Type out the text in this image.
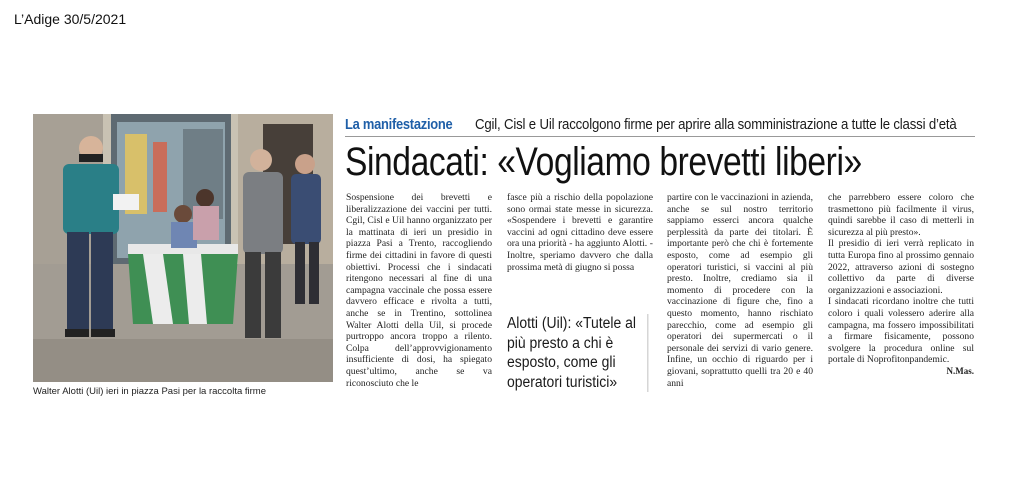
L’Adige 30/5/2021
Walter Alotti (Uil) ieri in piazza Pasi per la raccolta firme
La manifestazione Cgil, Cisl e Uil raccolgono firme per aprire alla somministrazione a tutte le classi d’età
Sindacati: «Vogliamo brevetti liberi»

Sospensione dei brevetti e liberalizzazione dei vaccini per tutti. Cgil, Cisl e Uil hanno organizzato per la mattinata di ieri un presidio in piazza Pasi a Trento, raccogliendo firme dei cittadini in favore di questi obiettivi. Processi che i sindacati ritengono necessari al fine di una campagna vaccinale che possa essere davvero efficace e rivolta a tutti, anche se in Trentino, sottolinea Walter Alotti della Uil, si procede purtroppo ancora troppo a rilento. Colpa dell’approvvigionamento insufficiente di dosi, ha spiegato quest’ultimo, anche se va riconosciuto che le

fasce più a rischio della popolazione sono ormai state messe in sicurezza. «Sospendere i brevetti e garantire vaccini ad ogni cittadino deve essere ora una priorità - ha aggiunto Alotti. - Inoltre, speriamo davvero che dalla prossima metà di giugno si possa

Alotti (Uil): «Tutele al più presto a chi è esposto, come gli operatori turistici»

partire con le vaccinazioni in azienda, anche se sul nostro territorio sappiamo esserci ancora qualche perplessità da parte dei titolari. È importante però che chi è fortemente esposto, come ad esempio gli operatori turistici, si vaccini al più presto. Inoltre, crediamo sia il momento di procedere con la vaccinazione di figure che, fino a questo momento, hanno rischiato parecchio, come ad esempio gli operatori dei supermercati o il personale dei servizi di vario genere. Infine, un occhio di riguardo per i giovani, soprattutto quelli tra 20 e 40 anni

che parrebbero essere coloro che trasmettono più facilmente il virus, quindi sarebbe il caso di metterli in sicurezza al più presto».

Il presidio di ieri verrà replicato in tutta Europa fino al prossimo gennaio 2022, attraverso azioni di sostegno collettivo da parte di diverse organizzazioni e associazioni.

I sindacati ricordano inoltre che tutti coloro i quali volessero aderire alla campagna, ma fossero impossibilitati a firmare fisicamente, possono svolgere la procedura online sul portale di Noprofitonpandemic.

N.Mas.
